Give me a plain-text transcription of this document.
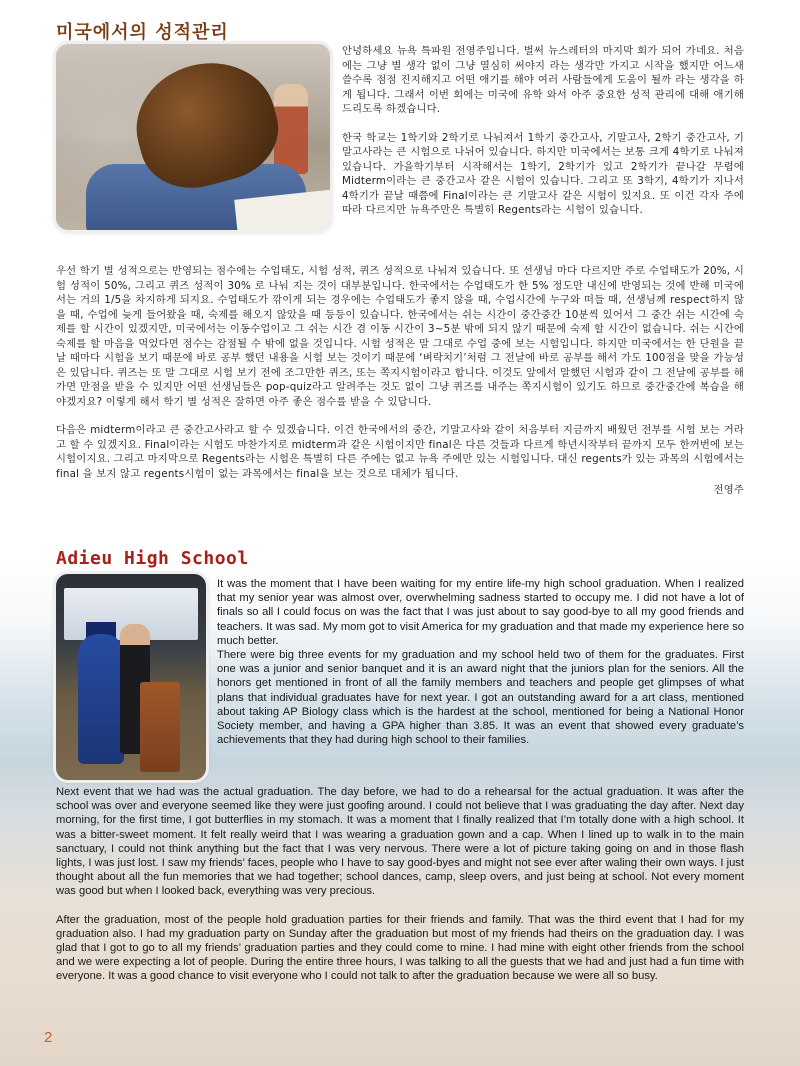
미국에서의 성적관리

안녕하세요 뉴욕 특파원 전영주입니다. 벌써 뉴스레터의 마지막 회가 되어 가네요. 처음에는 그냥 별 생각 없이 그냥 열심히 써야지 라는 생각만 가지고 시작을 했지만 어느새 쓸수록 점점 진지해지고 어떤 애기를 해야 여러 사람들에게 도움이 될까 라는 생각을 하게 됩니다. 그래서 이번 회에는 미국에 유학 와서 아주 중요한 성적 관리에 대해 애기해 드리도록 하겠습니다.

한국 학교는 1학기와 2학기로 나눠져서 1학기 중간고사, 기말고사, 2학기 중간고사, 기말고사라는 큰 시험으로 나뉘어 있습니다. 하지만 미국에서는 보통 크게 4학기로 나눠져 있습니다. 가을학기부터 시작해서는 1학기, 2학기가 있고 2학기가 끝나갈 무렵에 Midterm이라는 큰 중간고사 같은 시험이 있습니다. 그리고 또 3학기, 4학기가 지나서 4학기가 끝날 때쯤에 Final이라는 큰 기말고사 같은 시험이 있지요. 또 이건 각자 주에 따라 다르지만 뉴욕주만은 특별히 Regents라는 시험이 있습니다.

우선 학기 별 성적으로는 반영되는 점수에는 수업태도, 시험 성적, 퀴즈 성적으로 나눠져 있습니다. 또 선생님 마다 다르지만 주로 수업태도가 20%, 시험 성적이 50%, 그리고 퀴즈 성적이 30% 로 나눠 지는 것이 대부분입니다. 한국에서는 수업태도가 한 5% 정도만 내신에 반영되는 것에 반해 미국에서는 거의 1/5을 차지하게 되지요. 수업태도가 깎이게 되는 경우에는 수업태도가 좋지 않을 때, 수업시간에 누구와 떠들 때, 선생님께 respect하지 않을 때, 수업에 늦게 들어왔을 때, 숙제를 해오지 않았을 때 등등이 있습니다. 한국에서는 쉬는 시간이 중간중간 10분씩 있어서 그 중간 쉬는 시간에 숙제를 할 시간이 있겠지만, 미국에서는 이동수업이고 그 쉬는 시간 겸 이동 시간이 3~5분 밖에 되지 않기 때문에 숙제 할 시간이 없습니다. 쉬는 시간에 숙제를 할 마음을 먹었다면 점수는 감점될 수 밖에 없을 것입니다. 시험 성적은 말 그대로 수업 중에 보는 시험입니다. 하지만 미국에서는 한 단원을 끝날 때마다 시험을 보기 때문에 바로 공부 했던 내용을 시험 보는 것이기 때문에 ‘벼락치기’처럼 그 전날에 바로 공부를 해서 가도 100점을 맞을 가능성은 있답니다. 퀴즈는 또 말 그대로 시험 보기 전에 조그만한 퀴즈, 또는 쪽지시험이라고 합니다. 이것도 앞에서 말했던 시험과 같이 그 전날에 공부를 해가면 만점을 받을 수 있지만 어떤 선생님들은 pop-quiz라고 알려주는 것도 없이 그냥 퀴즈를 내주는 쪽지시험이 있기도 하므로 중간중간에 복습을 해야겠지요? 이렇게 해서 학기 별 성적은 잘하면 아주 좋은 점수를 받을 수 있답니다.

다음은 midterm이라고 큰 중간고사라고 할 수 있겠습니다. 이건 한국에서의 중간, 기말고사와 같이 처음부터 지금까지 배웠던 전부를 시험 보는 거라고 할 수 있겠지요. Final이라는 시험도 마찬가지로 midterm과 같은 시험이지만 final은 다른 것들과 다르게 학년시작부터 끝까지 모두 한꺼번에 보는 시험이지요. 그리고 마지막으로 Regents라는 시험은 특별히 다른 주에는 없고 뉴욕 주에만 있는 시험입니다. 대신 regents가 있는 과목의 시험에서는 final 을 보지 않고 regents시험이 없는 과목에서는 final을 보는 것으로 대체가 됩니다.

전영주

Adieu High School

It was the moment that I have been waiting for my entire life-my high school graduation. When I realized that my senior year was almost over, overwhelming sadness started to occupy me. I did not have a lot of finals so all I could focus on was the fact that I was just about to say good-bye to all my good friends and teachers. It was sad. My mom got to visit America for my graduation and that made my experience here so much better.

There were big three events for my graduation and my school held two of them for the graduates. First one was a junior and senior banquet and it is an award night that the juniors plan for the seniors. All the honors get mentioned in front of all the family members and teachers and people get glimpses of what plans that individual graduates have for next year. I got an outstanding award for a art class, mentioned about taking AP Biology class which is the hardest at the school, mentioned for being a National Honor Society member, and having a GPA higher than 3.85. It was an event that showed every graduate’s achievements that they had during high school to their families.

Next event that we had was the actual graduation. The day before, we had to do a rehearsal for the actual graduation. It was after the school was over and everyone seemed like they were just goofing around. I could not believe that I was graduating the day after. Next day morning, for the first time, I got butterflies in my stomach. It was a moment that I finally realized that I’m totally done with a high school. It was a bitter-sweet moment. It felt really weird that I was wearing a graduation gown and a cap. When I lined up to walk in to the main sanctuary, I could not think anything but the fact that I was very nervous. There were a lot of picture taking going on and in those flash lights, I was just lost. I saw my friends’ faces, people who I have to say good-byes and might not see ever after waling their own ways. I just thought about all the fun memories that we had together; school dances, camp, sleep overs, and just being at school. Not every moment was good but when I looked back, everything was very precious.

After the graduation, most of the people hold graduation parties for their friends and family. That was the third event that I had for my graduation also. I had my graduation party on Sunday after the graduation but most of my friends had theirs on the graduation day. I was glad that I got to go to all my friends’ graduation parties and they could come to mine. I had mine with eight other friends from the school and we were expecting a lot of people. During the entire three hours, I was talking to all the guests that we had and just had a fun time with everyone. It was a good chance to visit everyone who I could not talk to after the graduation because we were all so busy.

2
